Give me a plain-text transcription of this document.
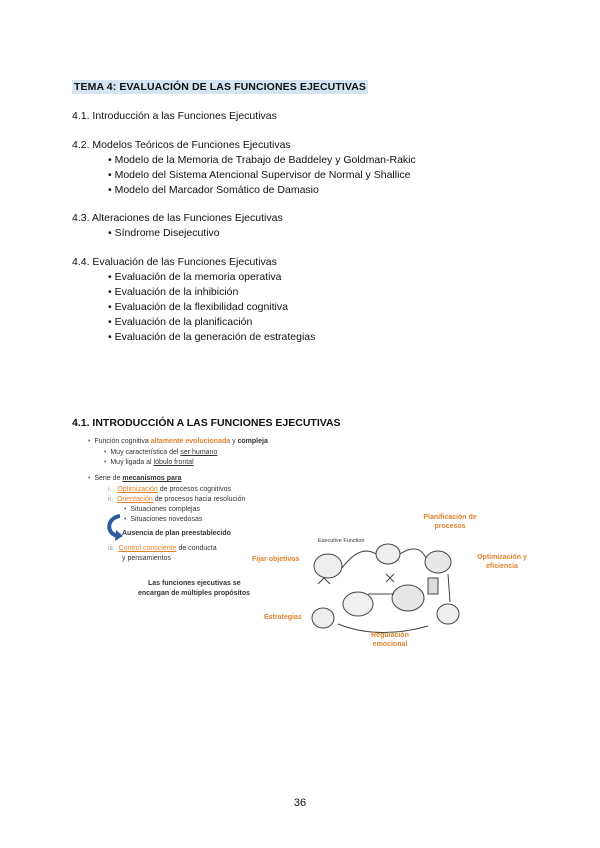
TEMA 4: EVALUACIÓN DE LAS FUNCIONES EJECUTIVAS
4.1. Introducción a las Funciones Ejecutivas
4.2. Modelos Teóricos de Funciones Ejecutivas
• Modelo de la Memoria de Trabajo de Baddeley y Goldman-Rakic
• Modelo del Sistema Atencional Supervisor de Normal y Shallice
• Modelo del Marcador Somático de Damasio
4.3. Alteraciones de las Funciones Ejecutivas
• Síndrome Disejecutivo
4.4. Evaluación de las Funciones Ejecutivas
• Evaluación de la memoria operativa
• Evaluación de la inhibición
• Evaluación de la flexibilidad cognitiva
• Evaluación de la planificación
• Evaluación de la generación de estrategias
4.1. INTRODUCCIÓN A LAS FUNCIONES EJECUTIVAS
• Función cognitiva altamente evolucionada y compleja
• Muy característica del ser humano
• Muy ligada al lóbulo frontal
• Serie de mecanismos para
i. Optimización de procesos cognitivos
ii. Orientación de procesos hacia resolución
• Situaciones complejas
• Situaciones novedosas
Ausencia de plan preestablecido
iii. Control consciente de conducta
y pensamientos
Las funciones ejecutivas se
encargan de múltiples propósitos
Executive Function
Planificación de
procesos
Fijar objetivos	Optimización y
eficiencia
Estrategias
Regulación
emocional
36
